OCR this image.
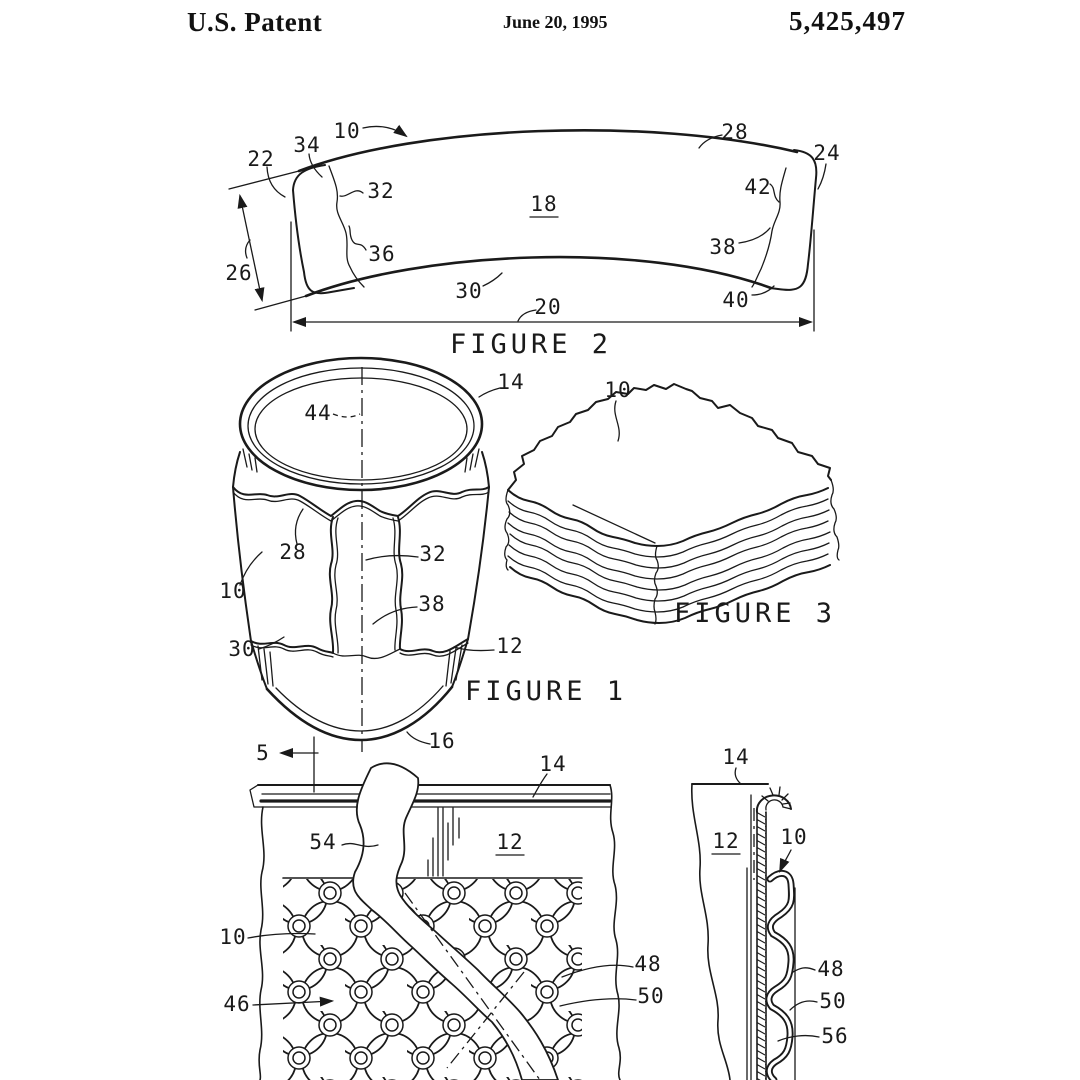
U.S. Patent	June 20, 1995	5,425,497
10
34
22
32
36
26
18
30
20
28
24
42
38
40
FIGURE 2
44
14
28
10
32
38
30	12
16
FIGURE 1
5
10
FIGURE 3
14
54	12
10
46
48
50
14
12 10
48
50
56
